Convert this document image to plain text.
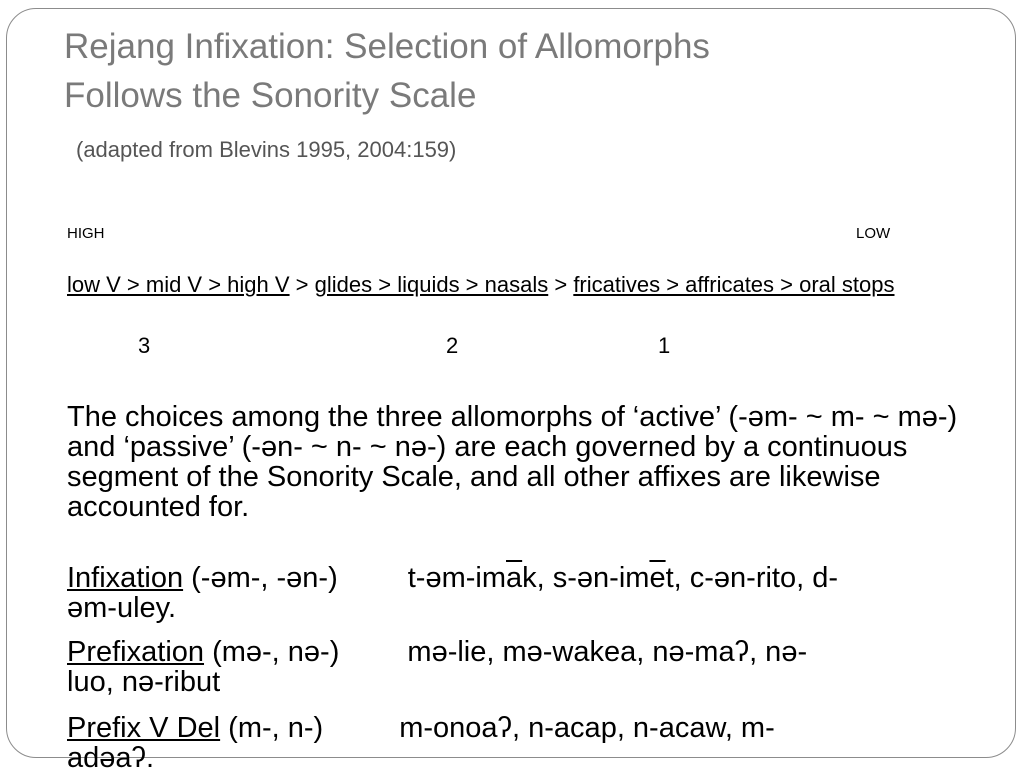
Rejang Infixation: Selection of Allomorphs
Follows the Sonority Scale

(adapted from Blevins 1995, 2004:159)

HIGH	LOW
low V > mid V > high V > glides > liquids > nasals > fricatives > affricates > oral stops
3	2	1

The choices among the three allomorphs of ‘active’ (-əm- ~ m- ~ mə-) and ‘passive’ (-ən- ~ n- ~ nə-) are each governed by a continuous segment of the Sonority Scale, and all other affixes are likewise accounted for.

Infixation (-əm-, -ən-) $t-əm-im\overline{a}k$, $s-ən-im\overline{e}t$, c-ən-rito, d-
əm-uley.
Prefixation (mə-, nə-) mə-lie, mə-wakea, nə-maʔ, nə-
luo, nə-ribut
Prefix V Del (m-, n-)	m-onoaʔ, n-acap, n-acaw, m-
adəaʔ.
